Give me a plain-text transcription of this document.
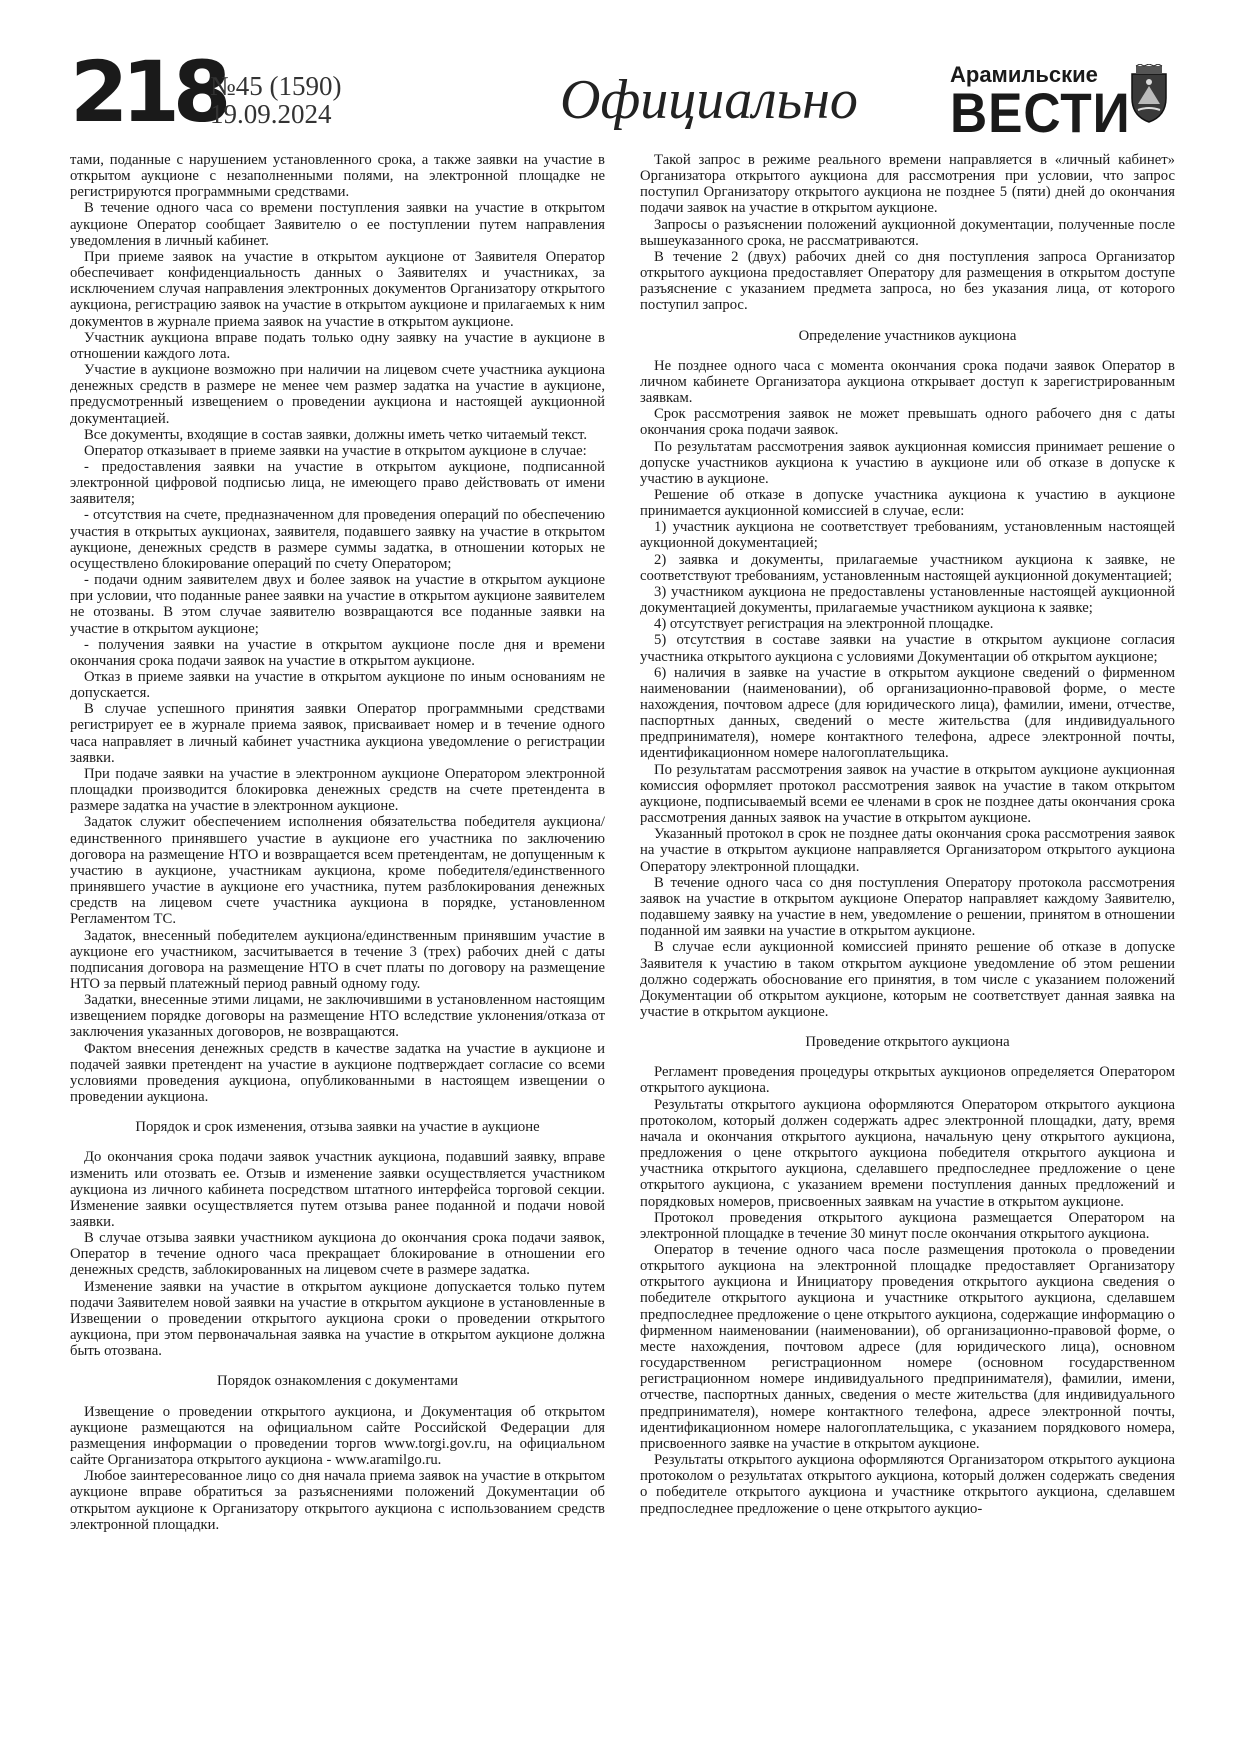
218
№45 (1590)
19.09.2024	Официально	Арамильские
ВЕСТИ

тами, поданные с нарушением установленного срока, а также заявки на участие в открытом аукционе с незаполненными полями, на электронной площадке не регистрируются программными средствами.

В течение одного часа со времени поступления заявки на участие в открытом аукционе Оператор сообщает Заявителю о ее поступлении путем направления уведомления в личный кабинет.

При приеме заявок на участие в открытом аукционе от Заявителя Оператор обеспечивает конфиденциальность данных о Заявителях и участниках, за исключением случая направления электронных документов Организатору открытого аукциона, регистрацию заявок на участие в открытом аукционе и прилагаемых к ним документов в журнале приема заявок на участие в открытом аукционе.

Участник аукциона вправе подать только одну заявку на участие в аукционе в отношении каждого лота.

Участие в аукционе возможно при наличии на лицевом счете участника аукциона денежных средств в размере не менее чем размер задатка на участие в аукционе, предусмотренный извещением о проведении аукциона и настоящей аукционной документацией.

Все документы, входящие в состав заявки, должны иметь четко читаемый текст.

Оператор отказывает в приеме заявки на участие в открытом аукционе в случае:

- предоставления заявки на участие в открытом аукционе, подписанной электронной цифровой подписью лица, не имеющего право действовать от имени заявителя;

- отсутствия на счете, предназначенном для проведения операций по обеспечению участия в открытых аукционах, заявителя, подавшего заявку на участие в открытом аукционе, денежных средств в размере суммы задатка, в отношении которых не осуществлено блокирование операций по счету Оператором;

- подачи одним заявителем двух и более заявок на участие в открытом аукционе при условии, что поданные ранее заявки на участие в открытом аукционе заявителем не отозваны. В этом случае заявителю возвращаются все поданные заявки на участие в открытом аукционе;

- получения заявки на участие в открытом аукционе после дня и времени окончания срока подачи заявок на участие в открытом аукционе.

Отказ в приеме заявки на участие в открытом аукционе по иным основаниям не допускается.

В случае успешного принятия заявки Оператор программными средствами регистрирует ее в журнале приема заявок, присваивает номер и в течение одного часа направляет в личный кабинет участника аукциона уведомление о регистрации заявки.

При подаче заявки на участие в электронном аукционе Оператором электронной площадки производится блокировка денежных средств на счете претендента в размере задатка на участие в электронном аукционе.

Задаток служит обеспечением исполнения обязательства победителя аукциона/единственного принявшего участие в аукционе его участника по заключению договора на размещение НТО и возвращается всем претендентам, не допущенным к участию в аукционе, участникам аукциона, кроме победителя/единственного принявшего участие в аукционе его участника, путем разблокирования денежных средств на лицевом счете участника аукциона в порядке, установленном Регламентом ТС.

Задаток, внесенный победителем аукциона/единственным принявшим участие в аукционе его участником, засчитывается в течение 3 (трех) рабочих дней с даты подписания договора на размещение НТО в счет платы по договору на размещение НТО за первый платежный период равный одному году.

Задатки, внесенные этими лицами, не заключившими в установленном настоящим извещением порядке договоры на размещение НТО вследствие уклонения/отказа от заключения указанных договоров, не возвращаются.

Фактом внесения денежных средств в качестве задатка на участие в аукционе и подачей заявки претендент на участие в аукционе подтверждает согласие со всеми условиями проведения аукциона, опубликованными в настоящем извещении о проведении аукциона.

Порядок и срок изменения, отзыва заявки на участие в аукционе

До окончания срока подачи заявок участник аукциона, подавший заявку, вправе изменить или отозвать ее. Отзыв и изменение заявки осуществляется участником аукциона из личного кабинета посредством штатного интерфейса торговой секции. Изменение заявки осуществляется путем отзыва ранее поданной и подачи новой заявки.

В случае отзыва заявки участником аукциона до окончания срока подачи заявок, Оператор в течение одного часа прекращает блокирование в отношении его денежных средств, заблокированных на лицевом счете в размере задатка.

Изменение заявки на участие в открытом аукционе допускается только путем подачи Заявителем новой заявки на участие в открытом аукционе в установленные в Извещении о проведении открытого аукциона сроки о проведении открытого аукциона, при этом первоначальная заявка на участие в открытом аукционе должна быть отозвана.

Порядок ознакомления с документами

Извещение о проведении открытого аукциона, и Документация об открытом аукционе размещаются на официальном сайте Российской Федерации для размещения информации о проведении торгов www.torgi.gov.ru, на официальном сайте Организатора открытого аукциона - www.aramilgo.ru.

Любое заинтересованное лицо со дня начала приема заявок на участие в открытом аукционе вправе обратиться за разъяснениями положений Документации об открытом аукционе к Организатору открытого аукциона с использованием средств электронной площадки.

Такой запрос в режиме реального времени направляется в «личный кабинет» Организатора открытого аукциона для рассмотрения при условии, что запрос поступил Организатору открытого аукциона не позднее 5 (пяти) дней до окончания подачи заявок на участие в открытом аукционе.

Запросы о разъяснении положений аукционной документации, полученные после вышеуказанного срока, не рассматриваются.

В течение 2 (двух) рабочих дней со дня поступления запроса Организатор открытого аукциона предоставляет Оператору для размещения в открытом доступе разъяснение с указанием предмета запроса, но без указания лица, от которого поступил запрос.

Определение участников аукциона

Не позднее одного часа с момента окончания срока подачи заявок Оператор в личном кабинете Организатора аукциона открывает доступ к зарегистрированным заявкам.

Срок рассмотрения заявок не может превышать одного рабочего дня с даты окончания срока подачи заявок.

По результатам рассмотрения заявок аукционная комиссия принимает решение о допуске участников аукциона к участию в аукционе или об отказе в допуске к участию в аукционе.

Решение об отказе в допуске участника аукциона к участию в аукционе принимается аукционной комиссией в случае, если:

1) участник аукциона не соответствует требованиям, установленным настоящей аукционной документацией;

2) заявка и документы, прилагаемые участником аукциона к заявке, не соответствуют требованиям, установленным настоящей аукционной документацией;

3) участником аукциона не предоставлены установленные настоящей аукционной документацией документы, прилагаемые участником аукциона к заявке;

4) отсутствует регистрация на электронной площадке.

5) отсутствия в составе заявки на участие в открытом аукционе согласия участника открытого аукциона с условиями Документации об открытом аукционе;

6) наличия в заявке на участие в открытом аукционе сведений о фирменном наименовании (наименовании), об организационно-правовой форме, о месте нахождения, почтовом адресе (для юридического лица), фамилии, имени, отчестве, паспортных данных, сведений о месте жительства (для индивидуального предпринимателя), номере контактного телефона, адресе электронной почты, идентификационном номере налогоплательщика.

По результатам рассмотрения заявок на участие в открытом аукционе аукционная комиссия оформляет протокол рассмотрения заявок на участие в таком открытом аукционе, подписываемый всеми ее членами в срок не позднее даты окончания срока рассмотрения данных заявок на участие в открытом аукционе.

Указанный протокол в срок не позднее даты окончания срока рассмотрения заявок на участие в открытом аукционе направляется Организатором открытого аукциона Оператору электронной площадки.

В течение одного часа со дня поступления Оператору протокола рассмотрения заявок на участие в открытом аукционе Оператор направляет каждому Заявителю, подавшему заявку на участие в нем, уведомление о решении, принятом в отношении поданной им заявки на участие в открытом аукционе.

В случае если аукционной комиссией принято решение об отказе в допуске Заявителя к участию в таком открытом аукционе уведомление об этом решении должно содержать обоснование его принятия, в том числе с указанием положений Документации об открытом аукционе, которым не соответствует данная заявка на участие в открытом аукционе.

Проведение открытого аукциона

Регламент проведения процедуры открытых аукционов определяется Оператором открытого аукциона.

Результаты открытого аукциона оформляются Оператором открытого аукциона протоколом, который должен содержать адрес электронной площадки, дату, время начала и окончания открытого аукциона, начальную цену открытого аукциона, предложения о цене открытого аукциона победителя открытого аукциона и участника открытого аукциона, сделавшего предпоследнее предложение о цене открытого аукциона, с указанием времени поступления данных предложений и порядковых номеров, присвоенных заявкам на участие в открытом аукционе.

Протокол проведения открытого аукциона размещается Оператором на электронной площадке в течение 30 минут после окончания открытого аукциона.

Оператор в течение одного часа после размещения протокола о проведении открытого аукциона на электронной площадке предоставляет Организатору открытого аукциона и Инициатору проведения открытого аукциона сведения о победителе открытого аукциона и участнике открытого аукциона, сделавшем предпоследнее предложение о цене открытого аукциона, содержащие информацию о фирменном наименовании (наименовании), об организационно-правовой форме, о месте нахождения, почтовом адресе (для юридического лица), основном государственном регистрационном номере (основном государственном регистрационном номере индивидуального предпринимателя), фамилии, имени, отчестве, паспортных данных, сведения о месте жительства (для индивидуального предпринимателя), номере контактного телефона, адресе электронной почты, идентификационном номере налогоплательщика, с указанием порядкового номера, присвоенного заявке на участие в открытом аукционе.

Результаты открытого аукциона оформляются Организатором открытого аукциона протоколом о результатах открытого аукциона, который должен содержать сведения о победителе открытого аукциона и участнике открытого аукциона, сделавшем предпоследнее предложение о цене открытого аукцио-
